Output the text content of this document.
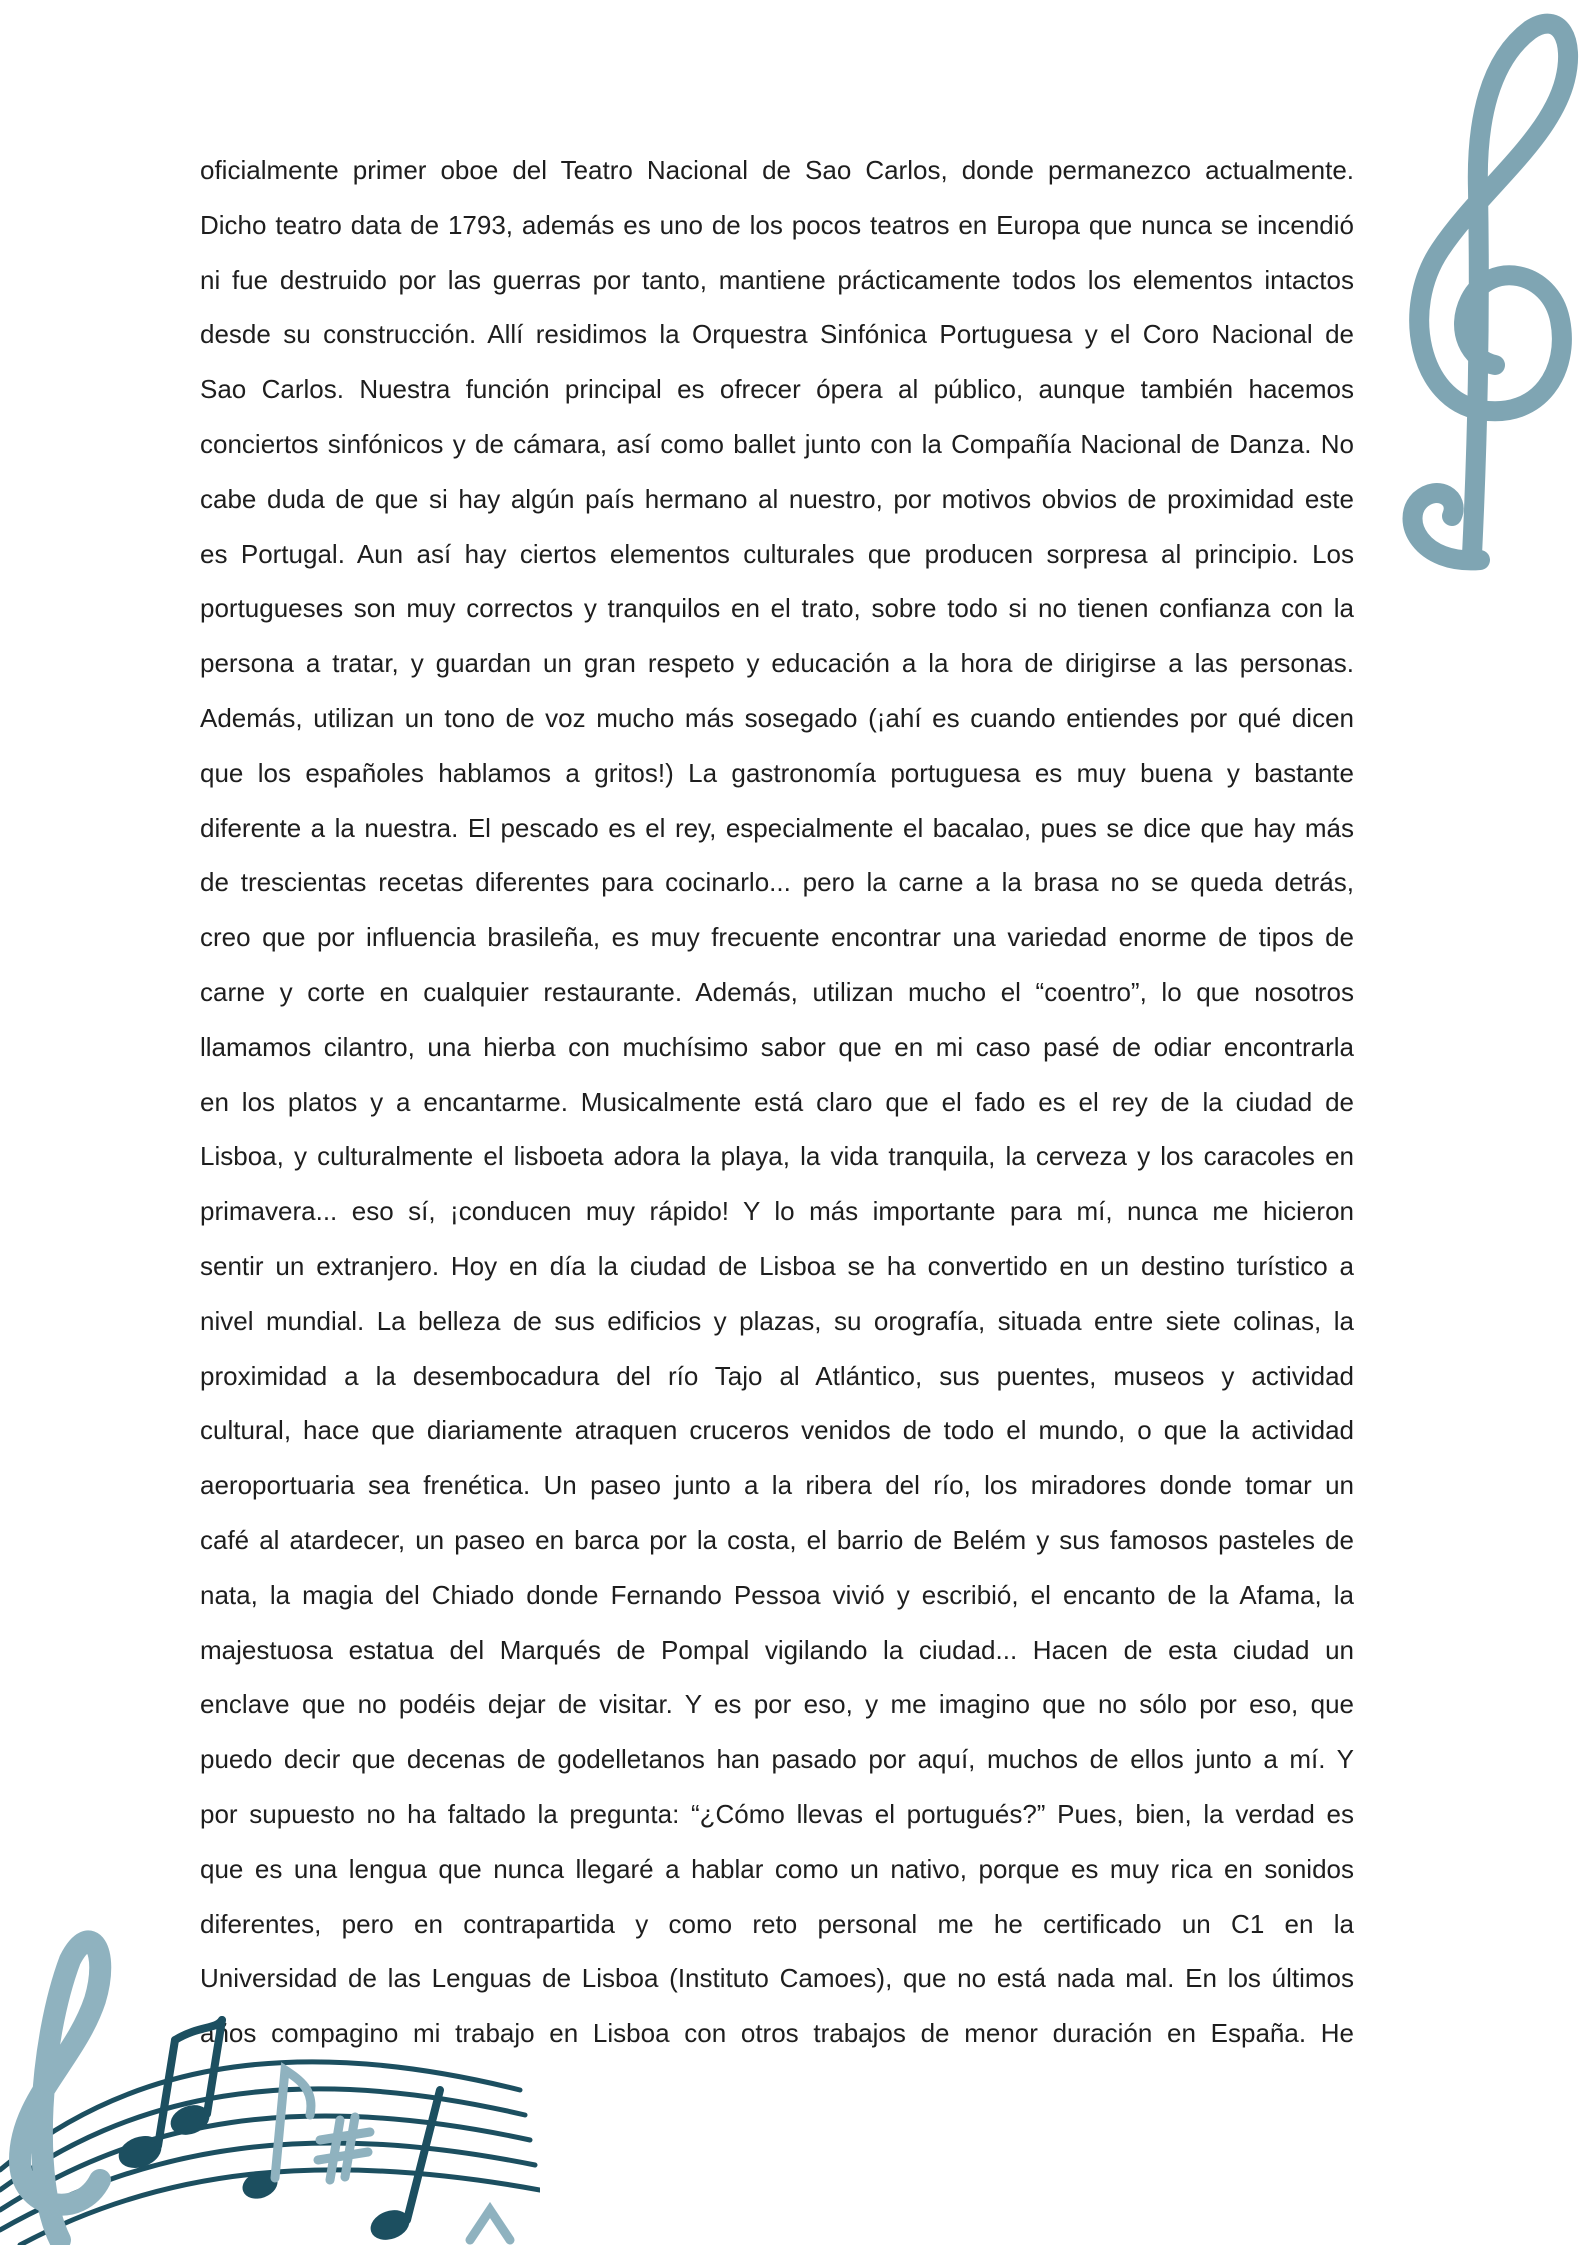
oficialmente primer oboe del Teatro Nacional de Sao Carlos, donde permanezco actualmente.
Dicho teatro data de 1793, además es uno de los pocos teatros en Europa que nunca se incendió
ni fue destruido por las guerras por tanto, mantiene prácticamente todos los elementos intactos
desde su construcción. Allí residimos la Orquestra Sinfónica Portuguesa y el Coro Nacional de
Sao Carlos. Nuestra función principal es ofrecer ópera al público, aunque también hacemos
conciertos sinfónicos y de cámara, así como ballet junto con la Compañía Nacional de Danza. No
cabe duda de que si hay algún país hermano al nuestro, por motivos obvios de proximidad este
es Portugal. Aun así hay ciertos elementos culturales que producen sorpresa al principio. Los
portugueses son muy correctos y tranquilos en el trato, sobre todo si no tienen confianza con la
persona a tratar, y guardan un gran respeto y educación a la hora de dirigirse a las personas.
Además, utilizan un tono de voz mucho más sosegado (¡ahí es cuando entiendes por qué dicen
que los españoles hablamos a gritos!) La gastronomía portuguesa es muy buena y bastante
diferente a la nuestra. El pescado es el rey, especialmente el bacalao, pues se dice que hay más
de trescientas recetas diferentes para cocinarlo... pero la carne a la brasa no se queda detrás,
creo que por influencia brasileña, es muy frecuente encontrar una variedad enorme de tipos de
carne y corte en cualquier restaurante. Además, utilizan mucho el “coentro”, lo que nosotros
llamamos cilantro, una hierba con muchísimo sabor que en mi caso pasé de odiar encontrarla
en los platos y a encantarme. Musicalmente está claro que el fado es el rey de la ciudad de
Lisboa, y culturalmente el lisboeta adora la playa, la vida tranquila, la cerveza y los caracoles en
primavera... eso sí, ¡conducen muy rápido! Y lo más importante para mí, nunca me hicieron
sentir un extranjero. Hoy en día la ciudad de Lisboa se ha convertido en un destino turístico a
nivel mundial. La belleza de sus edificios y plazas, su orografía, situada entre siete colinas, la
proximidad a la desembocadura del río Tajo al Atlántico, sus puentes, museos y actividad
cultural, hace que diariamente atraquen cruceros venidos de todo el mundo, o que la actividad
aeroportuaria sea frenética. Un paseo junto a la ribera del río, los miradores donde tomar un
café al atardecer, un paseo en barca por la costa, el barrio de Belém y sus famosos pasteles de
nata, la magia del Chiado donde Fernando Pessoa vivió y escribió, el encanto de la Afama, la
majestuosa estatua del Marqués de Pompal vigilando la ciudad... Hacen de esta ciudad un
enclave que no podéis dejar de visitar. Y es por eso, y me imagino que no sólo por eso, que
puedo decir que decenas de godelletanos han pasado por aquí, muchos de ellos junto a mí. Y
por supuesto no ha faltado la pregunta: “¿Cómo llevas el portugués?” Pues, bien, la verdad es
que es una lengua que nunca llegaré a hablar como un nativo, porque es muy rica en sonidos
diferentes, pero en contrapartida y como reto personal me he certificado un C1 en la
Universidad de las Lenguas de Lisboa (Instituto Camoes), que no está nada mal. En los últimos
años compagino mi trabajo en Lisboa con otros trabajos de menor duración en España. He
